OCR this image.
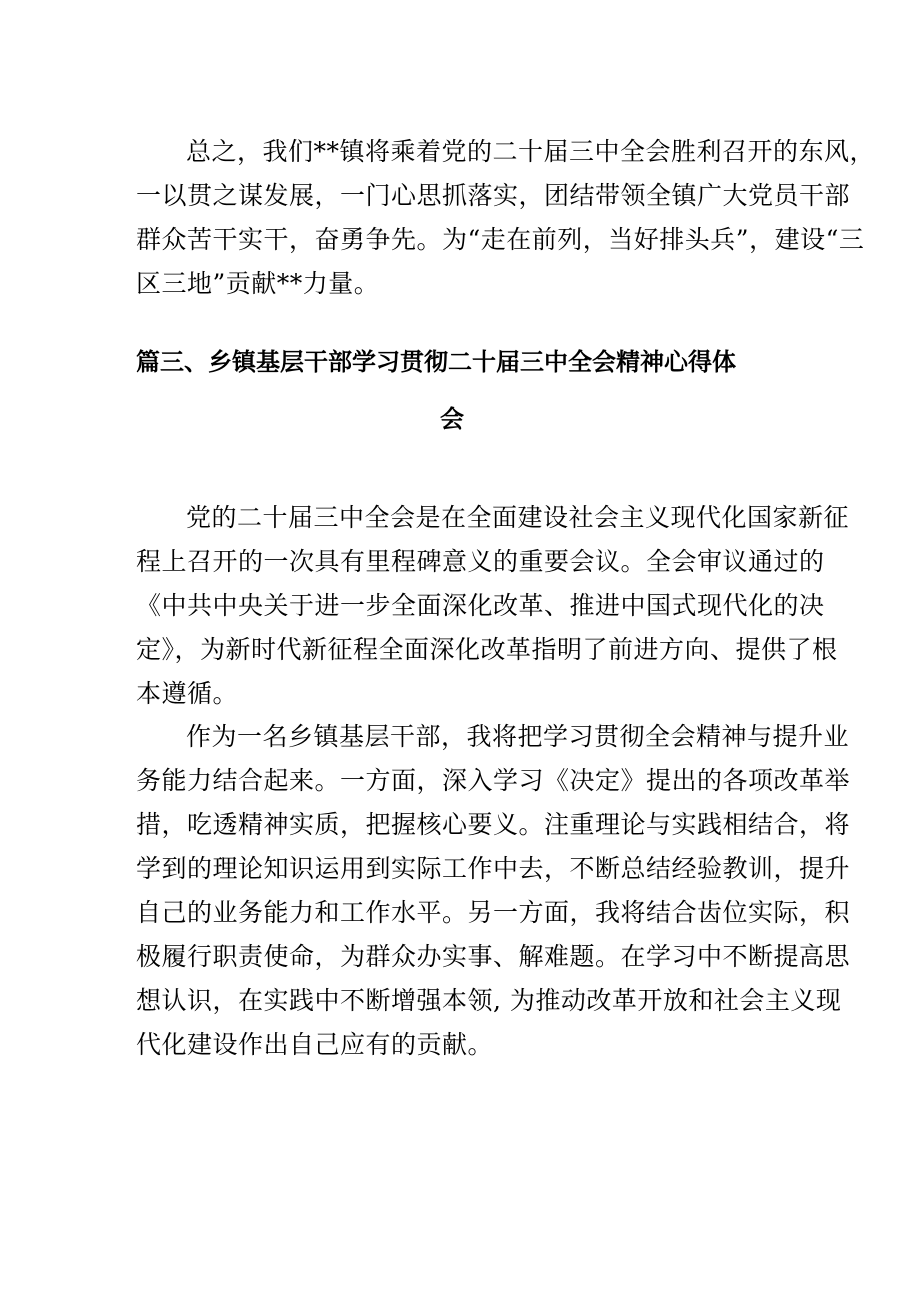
总之，我们**镇将乘着党的二十届三中全会胜利召开的东风，
一以贯之谋发展，一门心思抓落实，团结带领全镇广大党员干部
群众苦干实干，奋勇争先。为“走在前列，当好排头兵”，建设“三
区三地”贡献**力量。
篇三、乡镇基层干部学习贯彻二十届三中全会精神心得体
会
党的二十届三中全会是在全面建设社会主义现代化国家新征
程上召开的一次具有里程碑意义的重要会议。全会审议通过的
《中共中央关于进一步全面深化改革、推进中国式现代化的决
定》，为新时代新征程全面深化改革指明了前进方向、提供了根
本遵循。
作为一名乡镇基层干部，我将把学习贯彻全会精神与提升业
务能力结合起来。一方面，深入学习《决定》提出的各项改革举
措，吃透精神实质，把握核心要义。注重理论与实践相结合，将
学到的理论知识运用到实际工作中去，不断总结经验教训，提升
自己的业务能力和工作水平。另一方面，我将结合齿位实际，积
极履行职责使命，为群众办实事、解难题。在学习中不断提高思
想认识，在实践中不断增强本领, 为推动改革开放和社会主义现
代化建设作出自己应有的贡献。
